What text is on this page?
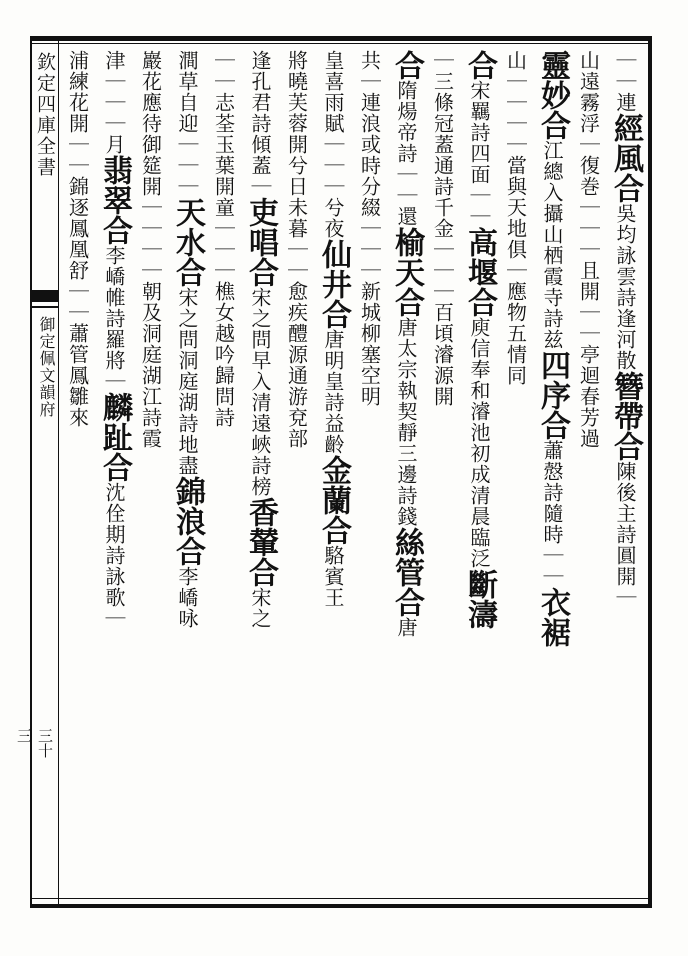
欽定四庫全書
御定佩文韻府
三十三
｜｜連經風合吳均詠雲詩逢河散簪帶合陳後主詩圓開｜
山遠霧浮｜復巻｜｜｜且開｜｜亭迴春芳過
靈妙合江總入攝山栖霞寺詩兹四序合蕭慤詩隨時｜｜衣裾
山｜｜｜｜當與天地俱｜應物五情同
合宋羈詩四面｜｜高堰合庾信奉和濬池初成清晨臨泛斷濤
｜三條冠蓋通詩千金｜｜｜百頃濬源開
合隋煬帝詩｜｜還榆天合唐太宗執契靜三邊詩錢絲管合唐
共｜連浪或時分綴｜｜｜新城柳塞空明
皇喜雨賦｜｜｜兮夜仙井合唐明皇詩益齡金蘭合駱賓王
將曉芙蓉開兮日未暮｜｜愈疾醴源通游兗部
逢孔君詩傾蓋｜吏唱合宋之問早入清遠峽詩榜香輦合宋之
｜｜志荃玉葉開童｜｜｜樵女越吟歸問詩
澗草自迎｜｜｜天水合宋之問洞庭湖詩地盡錦浪合李嶠咏
巖花應待御筵開｜｜｜｜朝及洞庭湖江詩霞
津｜｜｜月翡翠合李嶠帷詩羅將｜麟趾合沈佺期詩詠歌｜
浦練花開｜｜錦逐鳳凰舒｜｜蕭管鳳雛來
